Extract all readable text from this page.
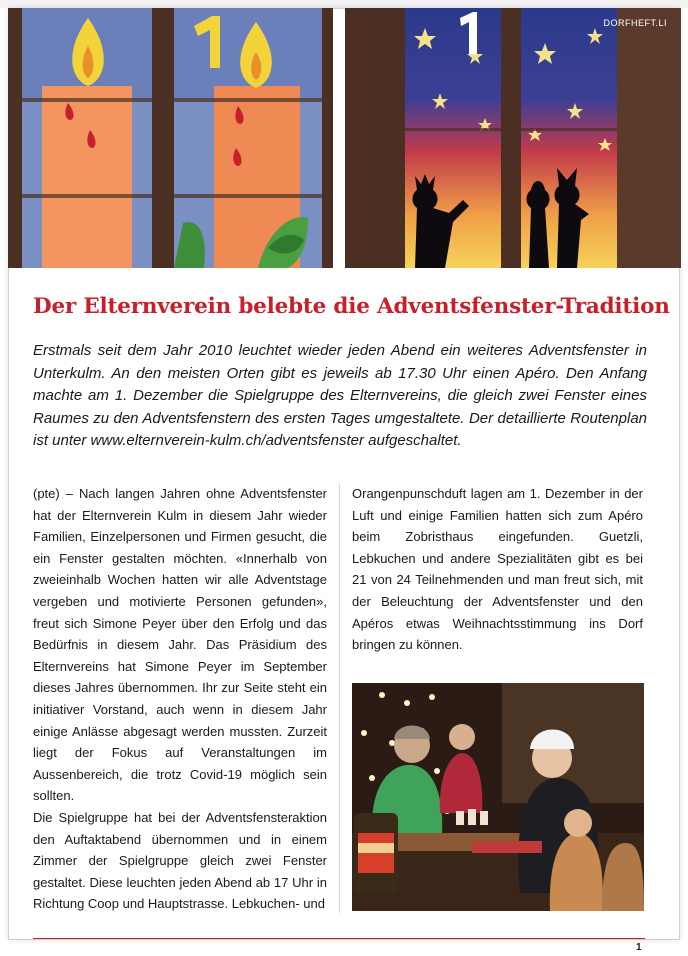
DORFHEFT.LI
Der Elternverein belebte die Adventsfenster-Tradition

Erstmals seit dem Jahr 2010 leuchtet wieder jeden Abend ein weiteres Adventsfenster in Unterkulm. An den meisten Orten gibt es jeweils ab 17.30 Uhr einen Apéro. Den Anfang machte am 1. Dezember die Spielgruppe des Elternvereins, die gleich zwei Fenster eines Raumes zu den Adventsfenstern des ersten Tages umgestaltete. Der detaillierte Routenplan ist unter www.elternverein-kulm.ch/adventsfenster aufgeschaltet.

(pte) – Nach langen Jahren ohne Adventsfenster hat der Elternverein Kulm in diesem Jahr wieder Familien, Einzelpersonen und Firmen gesucht, die ein Fenster gestalten möchten. «Innerhalb von zweieinhalb Wochen hatten wir alle Adventstage vergeben und motivierte Personen gefunden», freut sich Simone Peyer über den Erfolg und das Bedürfnis in diesem Jahr. Das Präsidium des Elternvereins hat Simone Peyer im September dieses Jahres übernommen. Ihr zur Seite steht ein initiativer Vorstand, auch wenn in diesem Jahr einige Anlässe abgesagt werden mussten. Zurzeit liegt der Fokus auf Veranstaltungen im Aussenbereich, die trotz Covid-19 möglich sein sollten.

Die Spielgruppe hat bei der Adventsfensteraktion den Auftaktabend übernommen und in einem Zimmer der Spielgruppe gleich zwei Fenster gestaltet. Diese leuchten jeden Abend ab 17 Uhr in Richtung Coop und Hauptstrasse. Lebkuchen- und

Orangenpunschduft lagen am 1. Dezember in der Luft und einige Familien hatten sich zum Apéro beim Zobristhaus eingefunden. Guetzli, Lebkuchen und andere Spezialitäten gibt es bei 21 von 24 Teilnehmenden und man freut sich, mit der Beleuchtung der Adventsfenster und den Apéros etwas Weihnachtsstimmung ins Dorf bringen zu können.

1
